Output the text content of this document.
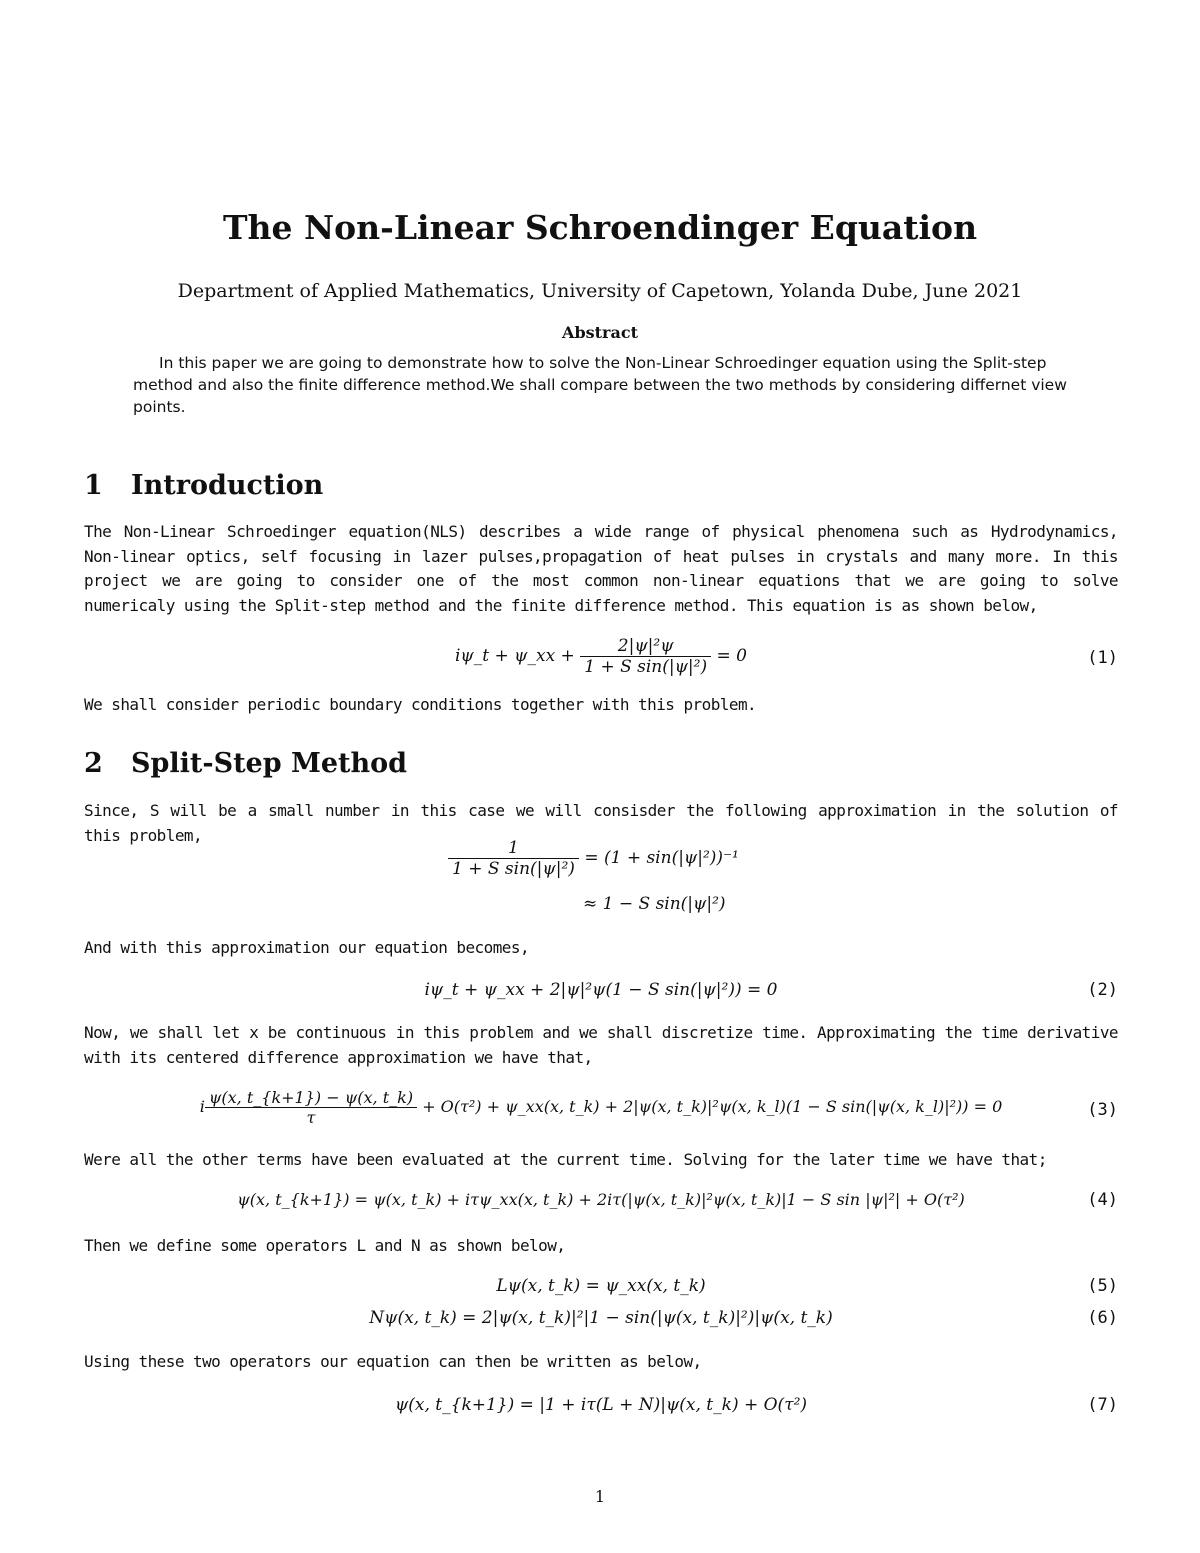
The Non-Linear Schroendinger Equation
Department of Applied Mathematics, University of Capetown, Yolanda Dube, June 2021
Abstract
In this paper we are going to demonstrate how to solve the Non-Linear Schroedinger equation using the Split-step method and also the finite difference method.We shall compare between the two methods by considering differnet view points.
1 Introduction
The Non-Linear Schroedinger equation(NLS) describes a wide range of physical phenomena such as Hydrodynamics, Non-linear optics, self focusing in lazer pulses,propagation of heat pulses in crystals and many more. In this project we are going to consider one of the most common non-linear equations that we are going to solve numericaly using the Split-step method and the finite difference method. This equation is as shown below,
iψ_t + ψ_xx + $\frac{\text{2|ψ|²ψ}}{\text{1 + S sin(|ψ|²)}} = 0$	(1)
We shall consider periodic boundary conditions together with this problem.
2 Split-Step Method
Since, S will be a small number in this case we will consisder the following approximation in the solution of this problem,
$\frac{1}{\text{1 + S sin(|ψ|²)}} = (1 + \sin(|\psi|^2))^{-1}$
≈ 1 − S sin(|ψ|²)
And with this approximation our equation becomes,
iψ_t + ψ_xx + 2|ψ|²ψ(1 − S sin(|ψ|²)) = 0	(2)
Now, we shall let x be continuous in this problem and we shall discretize time. Approximating the time derivative with its centered difference approximation we have that,
i $\frac{\psi(x, t\_\{k+1\}) - \psi(x, t\_k)}{\tau} + O(\tau^2)$ + ψ_xx(x, t_k) + 2|ψ(x, t_k)|²ψ(x, k_l)(1 − S sin(|ψ(x, k_l)|²)) = 0	(3)
Were all the other terms have been evaluated at the current time. Solving for the later time we have that;
ψ(x, t_{k+1}) = ψ(x, t_k) + iτψ_xx(x, t_k) + 2iτ(|ψ(x, t_k)|²ψ(x, t_k)|1 − S sin |ψ|²| + O(τ²)	(4)
Then we define some operators L and N as shown below,
Lψ(x, t_k) = ψ_xx(x, t_k)	(5)
Nψ(x, t_k) = 2|ψ(x, t_k)|²|1 − sin(|ψ(x, t_k)|²)|ψ(x, t_k)	(6)
Using these two operators our equation can then be written as below,
ψ(x, t_{k+1}) = |1 + iτ(L + N)|ψ(x, t_k) + O(τ²)	(7)
1
